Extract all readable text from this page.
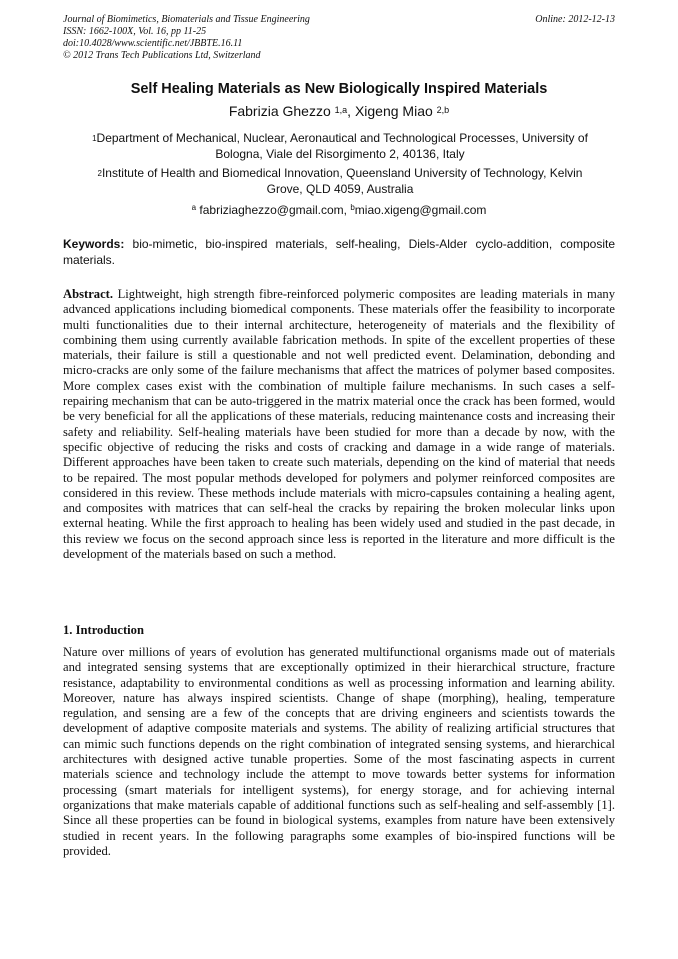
Journal of Biomimetics, Biomaterials and Tissue Engineering
ISSN: 1662-100X, Vol. 16, pp 11-25
doi:10.4028/www.scientific.net/JBBTE.16.11
© 2012 Trans Tech Publications Ltd, Switzerland
Online: 2012-12-13
Self Healing Materials as New Biologically Inspired Materials
Fabrizia Ghezzo $^{1,a}$, Xigeng Miao $^{2,b}$
$^1$Department of Mechanical, Nuclear, Aeronautical and Technological Processes, University of Bologna, Viale del Risorgimento 2, 40136, Italy
$^2$Institute of Health and Biomedical Innovation, Queensland University of Technology, Kelvin Grove, QLD 4059, Australia
$^a$ fabriziaghezzo@gmail.com, $^b$miao.xigeng@gmail.com
Keywords: bio-mimetic, bio-inspired materials, self-healing, Diels-Alder cyclo-addition, composite materials.
Abstract. Lightweight, high strength fibre-reinforced polymeric composites are leading materials in many advanced applications including biomedical components. These materials offer the feasibility to incorporate multi functionalities due to their internal architecture, heterogeneity of materials and the flexibility of combining them using currently available fabrication methods. In spite of the excellent properties of these materials, their failure is still a questionable and not well predicted event. Delamination, debonding and micro-cracks are only some of the failure mechanisms that affect the matrices of polymer based composites. More complex cases exist with the combination of multiple failure mechanisms. In such cases a self-repairing mechanism that can be auto-triggered in the matrix material once the crack has been formed, would be very beneficial for all the applications of these materials, reducing maintenance costs and increasing their safety and reliability. Self-healing materials have been studied for more than a decade by now, with the specific objective of reducing the risks and costs of cracking and damage in a wide range of materials. Different approaches have been taken to create such materials, depending on the kind of material that needs to be repaired. The most popular methods developed for polymers and polymer reinforced composites are considered in this review. These methods include materials with micro-capsules containing a healing agent, and composites with matrices that can self-heal the cracks by repairing the broken molecular links upon external heating. While the first approach to healing has been widely used and studied in the past decade, in this review we focus on the second approach since less is reported in the literature and more difficult is the development of the materials based on such a method.
1. Introduction
Nature over millions of years of evolution has generated multifunctional organisms made out of materials and integrated sensing systems that are exceptionally optimized in their hierarchical structure, fracture resistance, adaptability to environmental conditions as well as processing information and learning ability. Moreover, nature has always inspired scientists. Change of shape (morphing), healing, temperature regulation, and sensing are a few of the concepts that are driving engineers and scientists towards the development of adaptive composite materials and systems. The ability of realizing artificial structures that can mimic such functions depends on the right combination of integrated sensing systems, and hierarchical architectures with designed active tunable properties. Some of the most fascinating aspects in current materials science and technology include the attempt to move towards better systems for information processing (smart materials for intelligent systems), for energy storage, and for achieving internal organizations that make materials capable of additional functions such as self-healing and self-assembly [1]. Since all these properties can be found in biological systems, examples from nature have been extensively studied in recent years. In the following paragraphs some examples of bio-inspired functions will be provided.
